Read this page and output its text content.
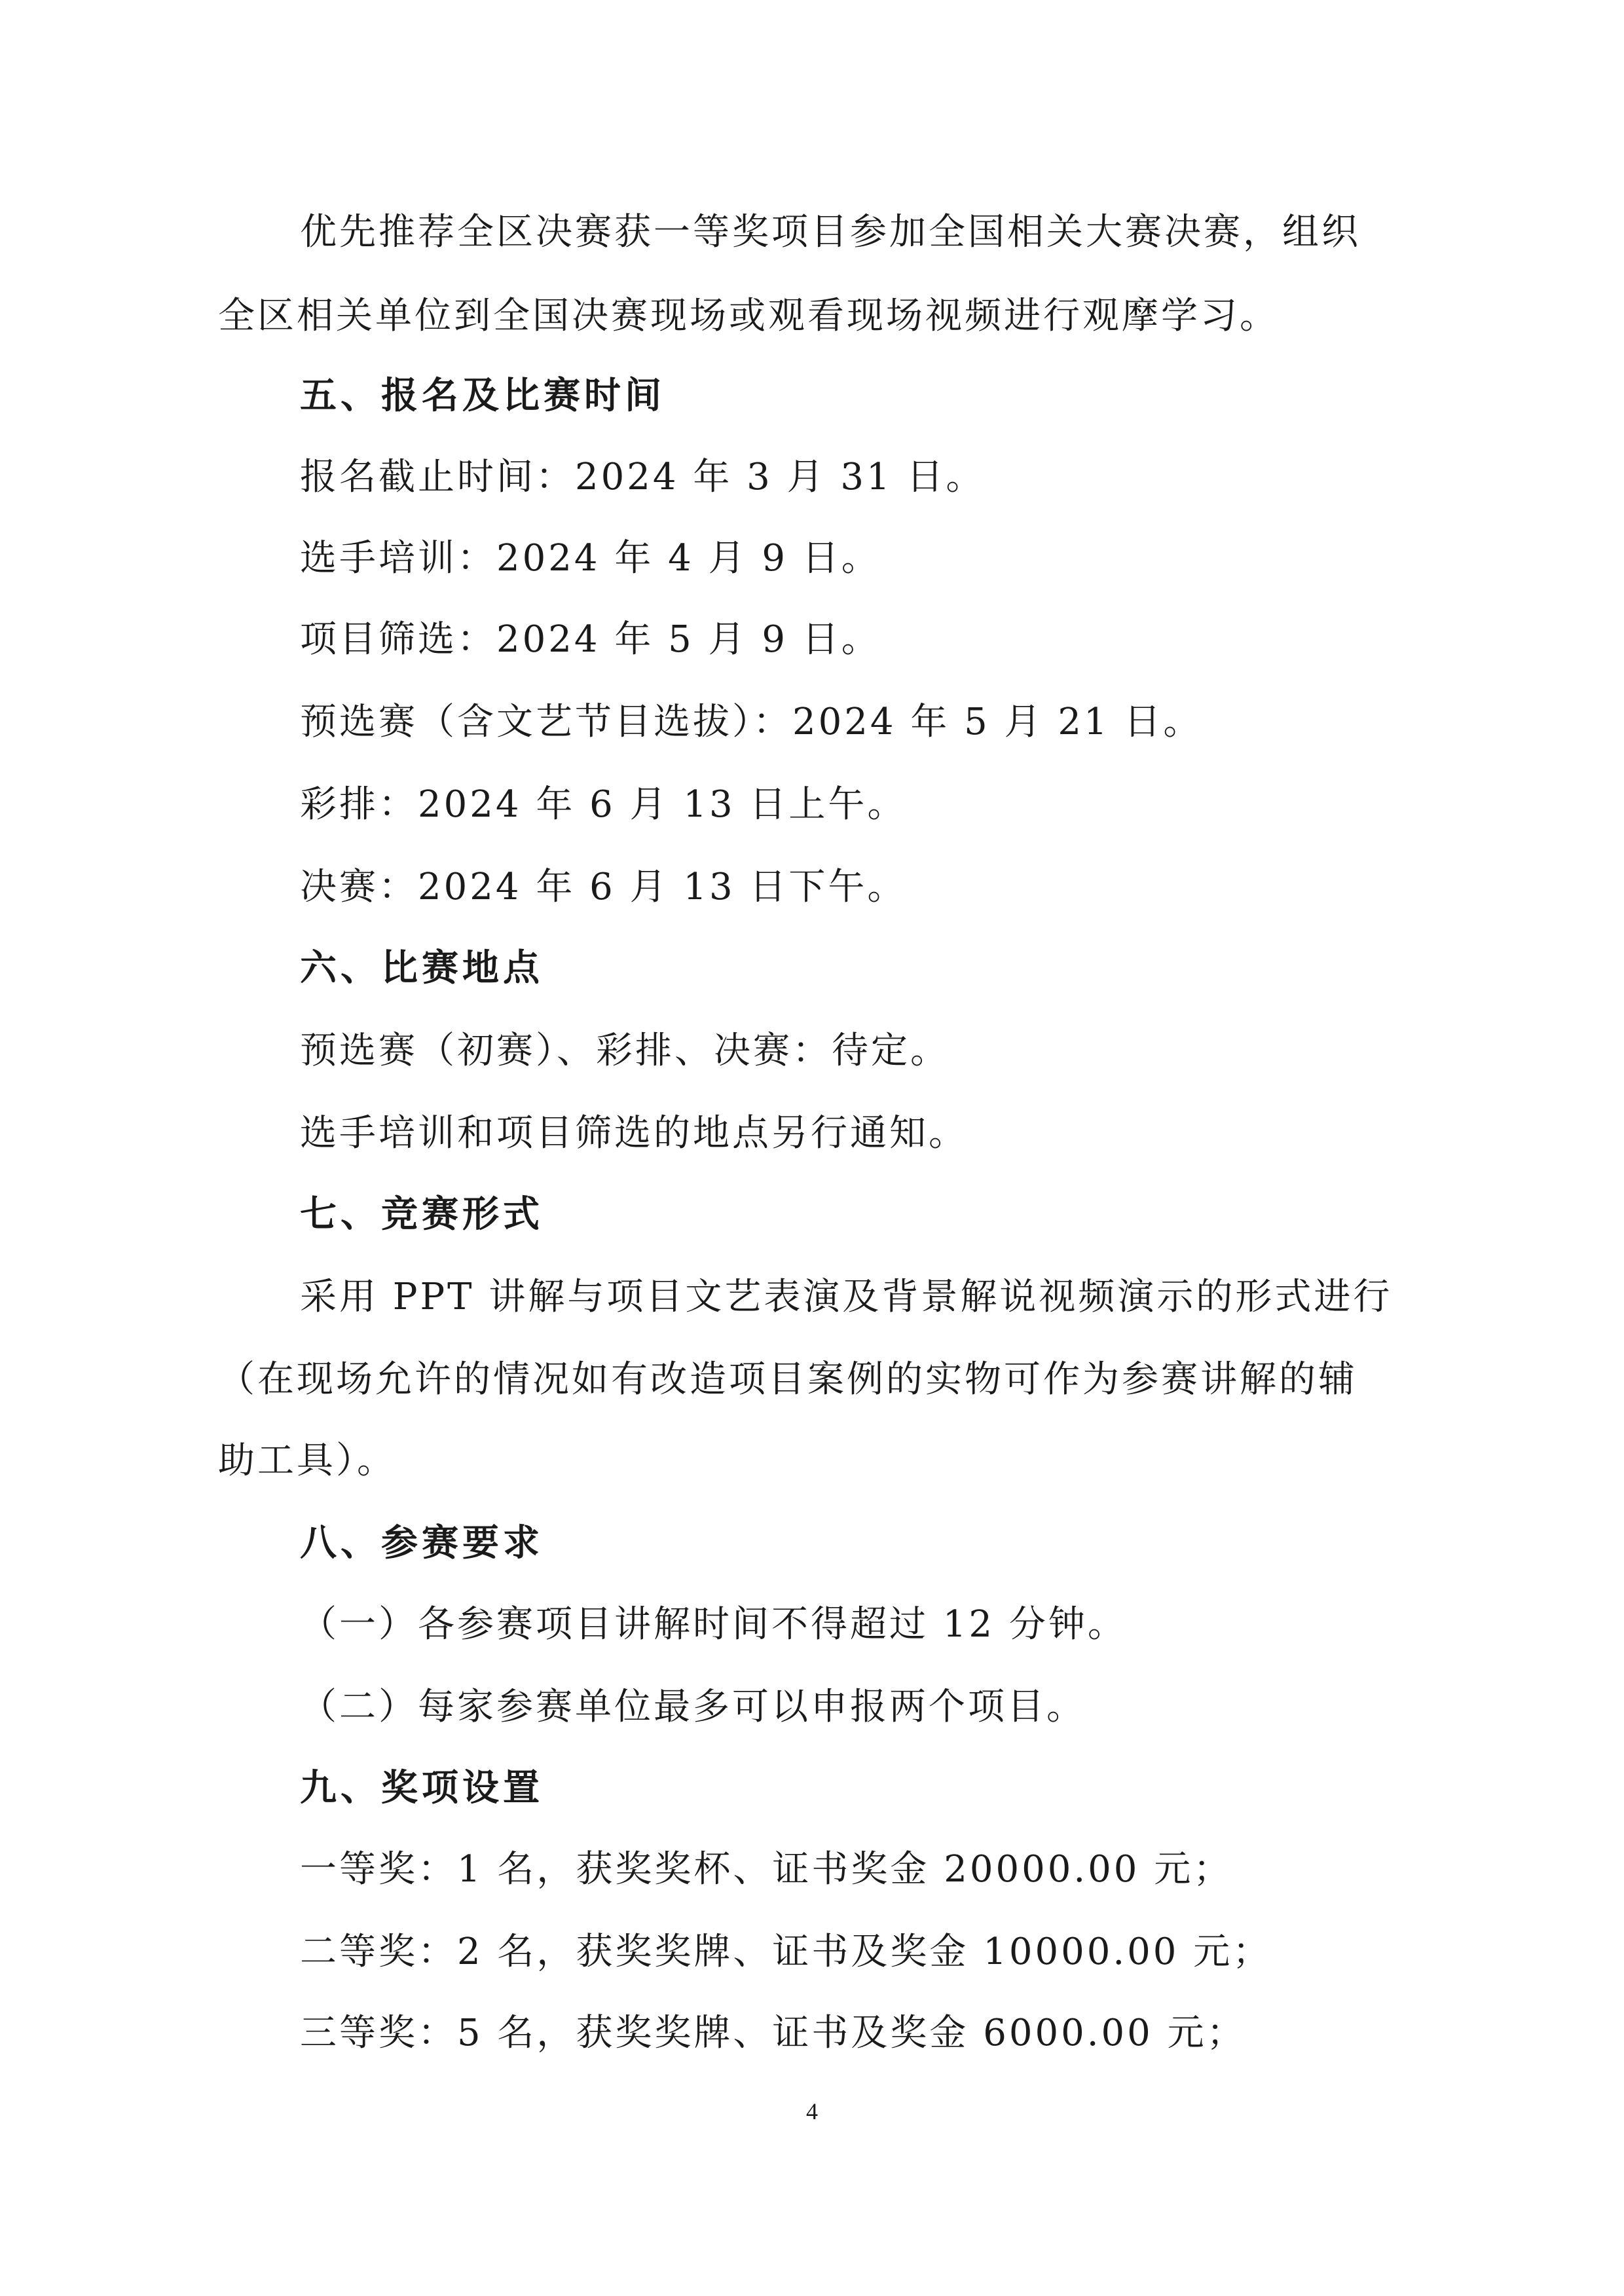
优先推荐全区决赛获一等奖项目参加全国相关大赛决赛，组织
全区相关单位到全国决赛现场或观看现场视频进行观摩学习。
五、报名及比赛时间
报名截止时间：2024 年 3 月 31 日。
选手培训：2024 年 4 月 9 日。
项目筛选：2024 年 5 月 9 日。
预选赛（含文艺节目选拔）：2024 年 5 月 21 日。
彩排：2024 年 6 月 13 日上午。
决赛：2024 年 6 月 13 日下午。
六、比赛地点
预选赛（初赛）、彩排、决赛：待定。
选手培训和项目筛选的地点另行通知。
七、竞赛形式
采用 PPT 讲解与项目文艺表演及背景解说视频演示的形式进行
（在现场允许的情况如有改造项目案例的实物可作为参赛讲解的辅
助工具）。
八、参赛要求
（一）各参赛项目讲解时间不得超过 12 分钟。
（二）每家参赛单位最多可以申报两个项目。
九、奖项设置
一等奖：1 名，获奖奖杯、证书奖金 20000.00 元；
二等奖：2 名，获奖奖牌、证书及奖金 10000.00 元；
三等奖：5 名，获奖奖牌、证书及奖金 6000.00 元；
4
